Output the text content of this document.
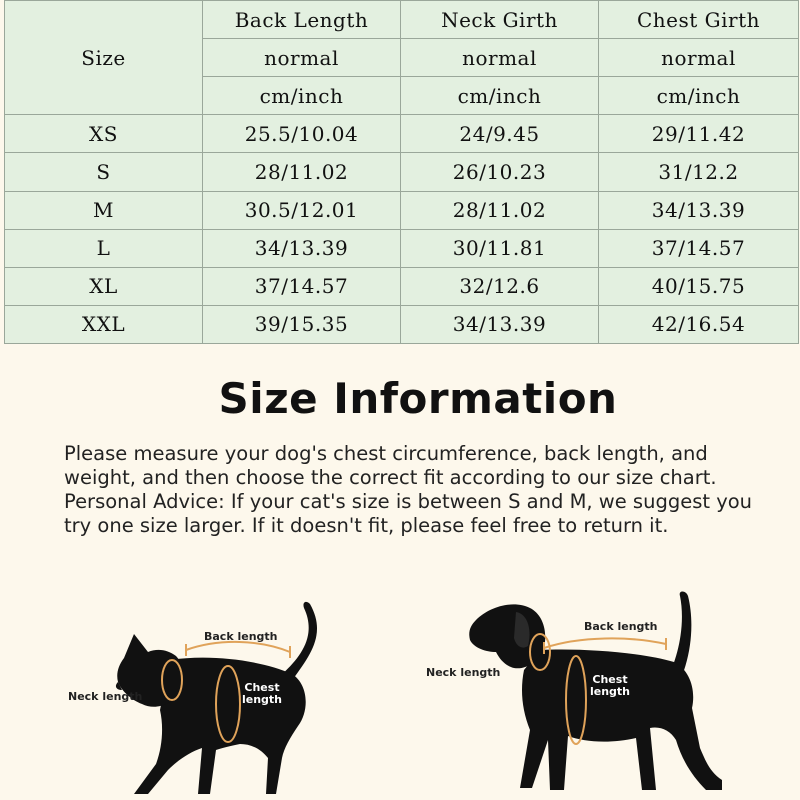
Size	Back Length	Neck Girth	Chest Girth
	normal	normal	normal
	cm/inch	cm/inch	cm/inch
XS	25.5/10.04	24/9.45	29/11.42
S	28/11.02	26/10.23	31/12.2
M	30.5/12.01	28/11.02	34/13.39
L	34/13.39	30/11.81	37/14.57
XL	37/14.57	32/12.6	40/15.75
XXL	39/15.35	34/13.39	42/16.54
Size Information

Please measure your dog's chest circumference, back length, and weight, and then choose the correct fit according to our size chart. Personal Advice: If your cat's size is between S and M, we suggest you try one size larger. If it doesn't fit, please feel free to return it.

Back length
Neck length
Chest
length
Back length
Neck length
Chest
length
